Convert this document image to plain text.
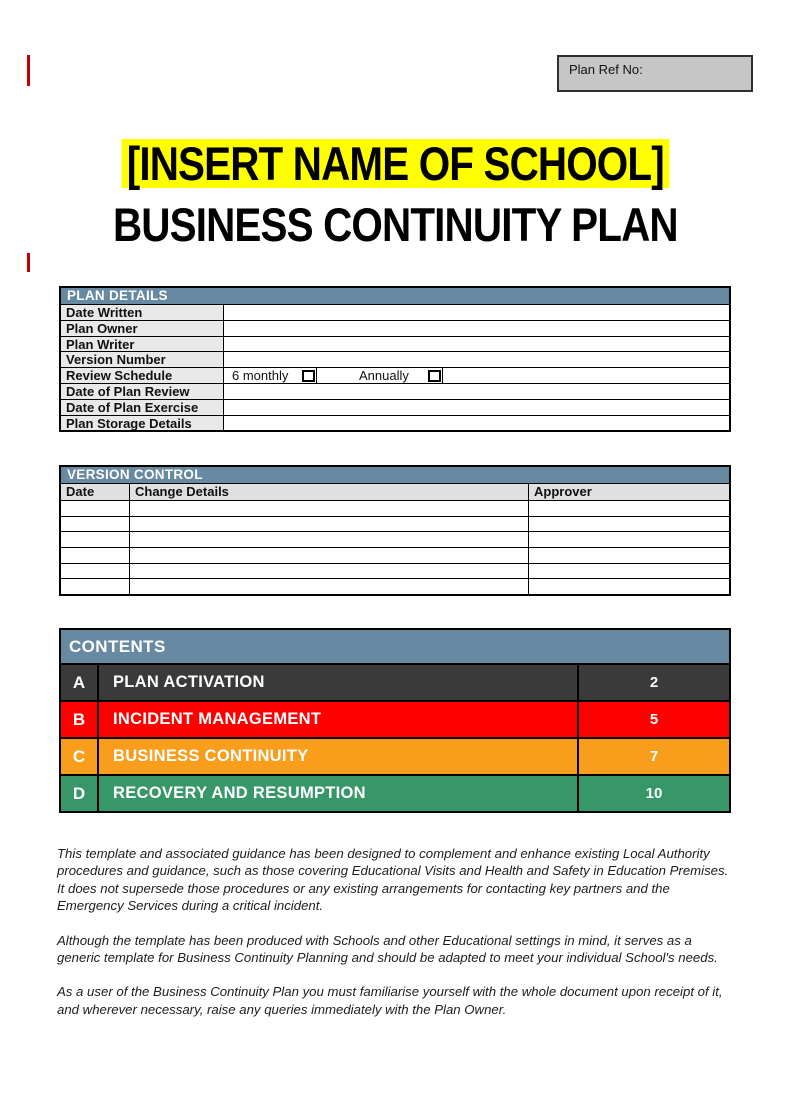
Plan Ref No:
[INSERT NAME OF SCHOOL]
BUSINESS CONTINUITY PLAN
PLAN DETAILS
Date Written
Plan Owner
Plan Writer
Version Number
Review Schedule	6 monthly	Annually
Date of Plan Review
Date of Plan Exercise
Plan Storage Details
VERSION CONTROL
Date	Change Details	Approver
CONTENTS
A	PLAN ACTIVATION	2
B	INCIDENT MANAGEMENT	5
C	BUSINESS CONTINUITY	7
D	RECOVERY AND RESUMPTION	10

This template and associated guidance has been designed to complement and enhance existing Local Authority procedures and guidance, such as those covering Educational Visits and Health and Safety in Education Premises. It does not supersede those procedures or any existing arrangements for contacting key partners and the Emergency Services during a critical incident.

Although the template has been produced with Schools and other Educational settings in mind, it serves as a generic template for Business Continuity Planning and should be adapted to meet your individual School's needs.

As a user of the Business Continuity Plan you must familiarise yourself with the whole document upon receipt of it, and wherever necessary, raise any queries immediately with the Plan Owner.
